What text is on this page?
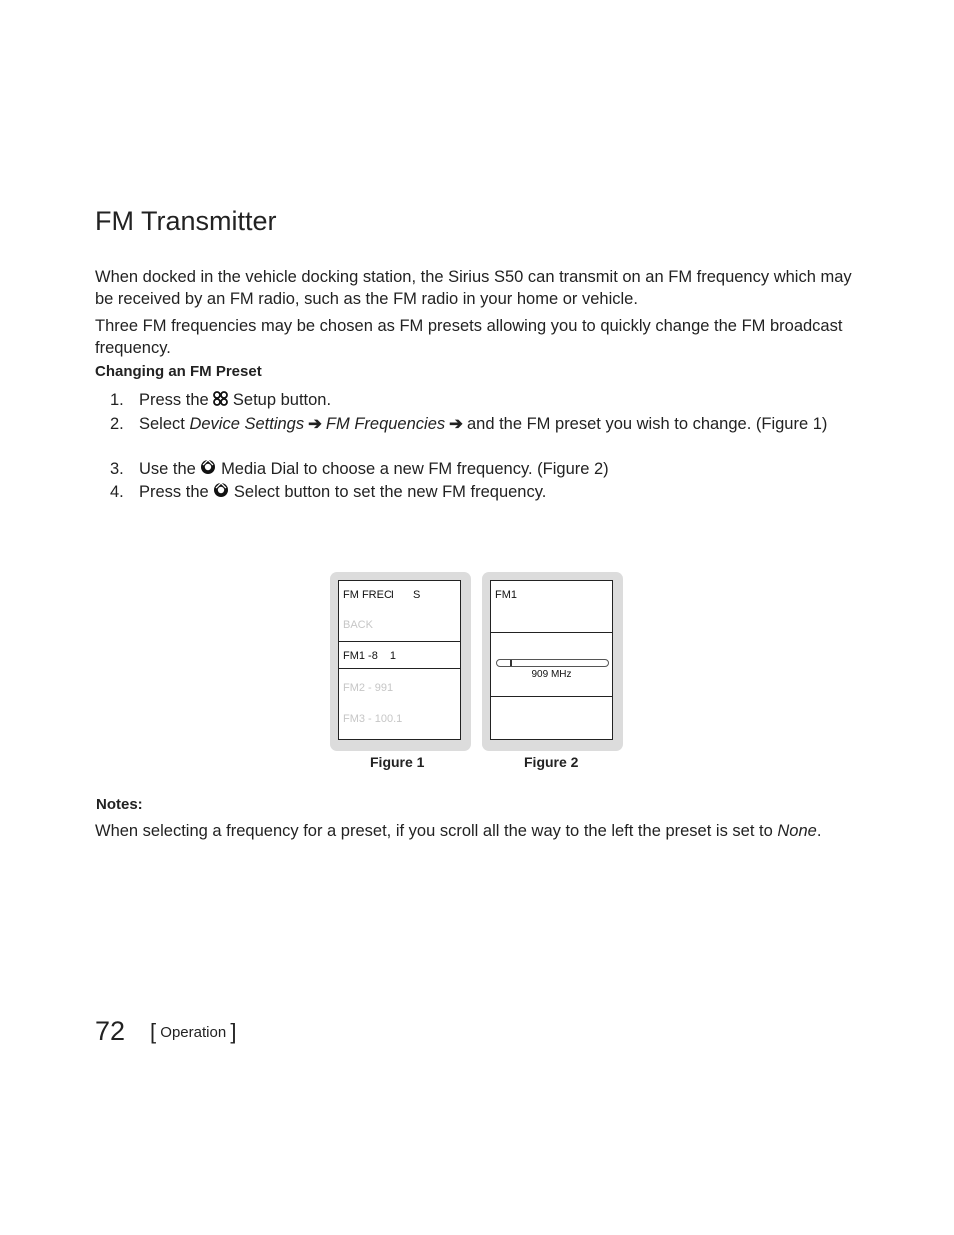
FM Transmitter

When docked in the vehicle docking station, the Sirius S50 can transmit on an FM frequency which may be received by an FM radio, such as the FM radio in your home or vehicle.

Three FM frequencies may be chosen as FM presets allowing you to quickly change the FM broadcast frequency.

Changing an FM Preset
1. Press the Setup button.
2. Select Device Settings ➔ FM Frequencies ➔ and the FM preset you wish to change. (Figure 1)
3. Use the Media Dial to choose a new FM frequency. (Figure 2)
4. Press the Select button to set the new FM frequency.
FM FRECI S
BACK
FM1 -8 1
FM2 - 991
FM3 - 100.1
Figure 1
FM1
909 MHz
Figure 2
Notes:

When selecting a frequency for a preset, if you scroll all the way to the left the preset is set to None.

72 [ Operation ]
